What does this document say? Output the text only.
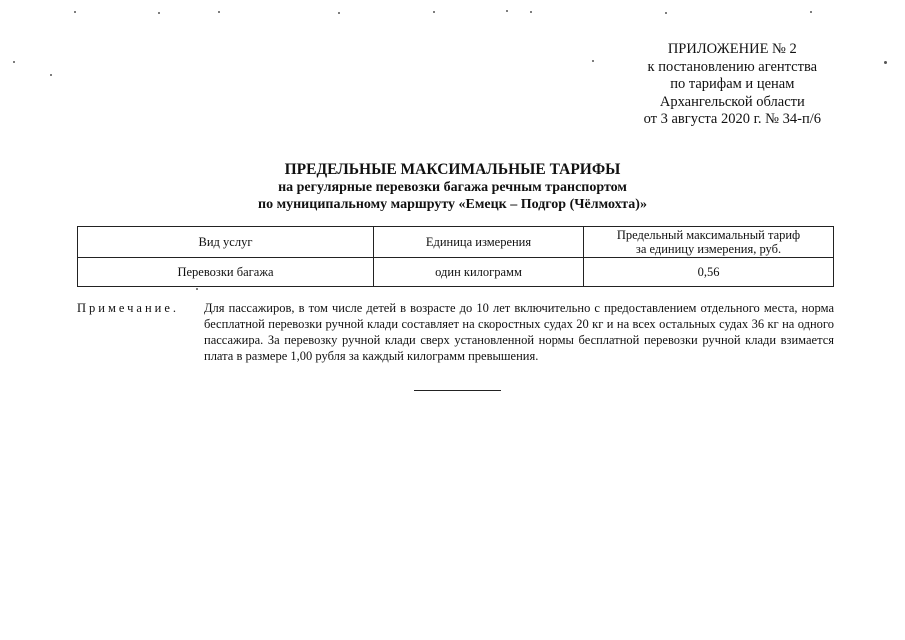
ПРИЛОЖЕНИЕ № 2
к постановлению агентства
по тарифам и ценам
Архангельской области
от 3 августа 2020 г. № 34-п/6
ПРЕДЕЛЬНЫЕ МАКСИМАЛЬНЫЕ ТАРИФЫ
на регулярные перевозки багажа речным транспортом
по муниципальному маршруту «Емецк – Подгор (Чёлмохта)»
Вид услуг	Единица измерения	Предельный максимальный тариф
за единицу измерения, руб.

Перевозки багажа	один килограмм	0,56
Примечание. Для пассажиров, в том числе детей в возрасте до 10 лет включительно с предоставлением отдельного места, норма бесплатной перевозки ручной клади составляет на скоростных судах 20 кг и на всех остальных судах 36 кг на одного пассажира. За перевозку ручной клади сверх установленной нормы бесплатной перевозки ручной клади взимается плата в размере 1,00 рубля за каждый килограмм превышения.
